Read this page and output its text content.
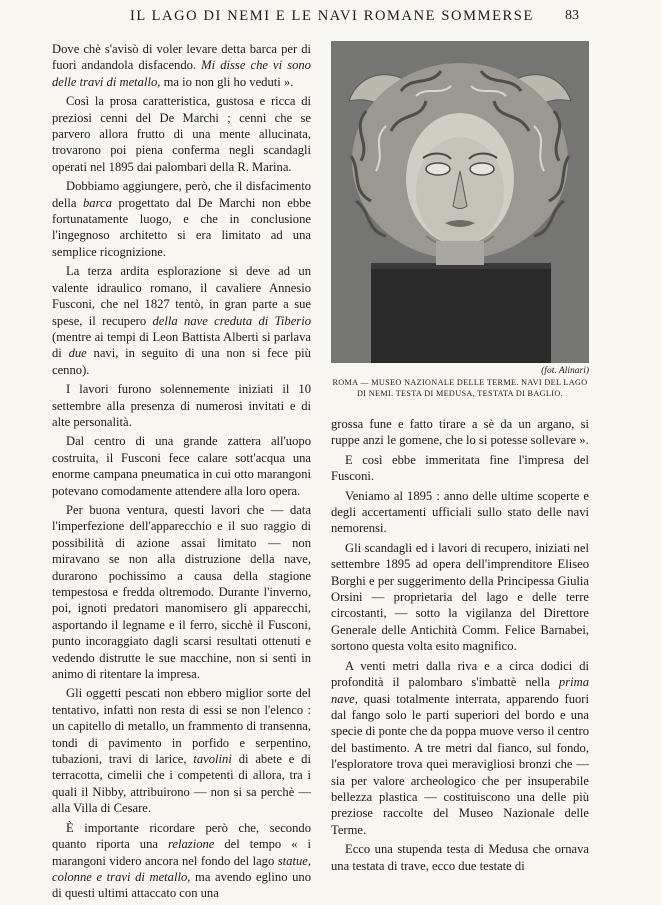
IL LAGO DI NEMI E LE NAVI ROMANE SOMMERSE 83

Dove chè s'avisò di voler levare detta barca per di fuori andandola disfacendo. Mi disse che vi sono delle travi di metallo, ma io non gli ho veduti ».

Così la prosa caratteristica, gustosa e ricca di preziosi cenni del De Marchi ; cenni che se parvero allora frutto di una mente allucinata, trovarono poi piena conferma negli scandagli operati nel 1895 dai palombari della R. Marina.

Dobbiamo aggiungere, però, che il disfacimento della barca progettato dal De Marchi non ebbe fortunatamente luogo, e che in conclusione l'ingegnoso architetto si era limitato ad una semplice ricognizione.

La terza ardita esplorazione si deve ad un valente idraulico romano, il cavaliere Annesio Fusconi, che nel 1827 tentò, in gran parte a sue spese, il recupero della nave creduta di Tiberio (mentre ai tempi di Leon Battista Alberti si parlava di due navi, in seguito di una non si fece più cenno).

I lavori furono solennemente iniziati il 10 settembre alla presenza di numerosi invitati e di alte personalità.

Dal centro di una grande zattera all'uopo costruita, il Fusconi fece calare sott'acqua una enorme campana pneumatica in cui otto marangoni potevano comodamente attendere alla loro opera.

Per buona ventura, questi lavori che — data l'imperfezione dell'apparecchio e il suo raggio di possibilità di azione assai limitato — non miravano se non alla distruzione della nave, durarono pochissimo a causa della stagione tempestosa e fredda oltremodo. Durante l'inverno, poi, ignoti predatori manomisero gli apparecchi, asportando il legname e il ferro, sicchè il Fusconi, punto incoraggiato dagli scarsi resultati ottenuti e vedendo distrutte le sue macchine, non si sentì in animo di ritentare la impresa.

Gli oggetti pescati non ebbero miglior sorte del tentativo, infatti non resta di essi se non l'elenco : un capitello di metallo, un frammento di transenna, tondi di pavimento in porfido e serpentino, tubazioni, travi di larice, tavolini di abete e di terracotta, cimelii che i competenti di allora, tra i quali il Nibby, attribuirono — non si sa perchè — alla Villa di Cesare.

È importante ricordare però che, secondo quanto riporta una relazione del tempo « i marangoni videro ancora nel fondo del lago statue, colonne e travi di metallo, ma avendo eglino uno di questi ultimi attaccato con una

(fot. Alinari)
ROMA — MUSEO NAZIONALE DELLE TERME. NAVI DEL LAGO
DI NEMI. TESTA DI MEDUSA, TESTATA DI BAGLIO.

grossa fune e fatto tirare a sè da un argano, si ruppe anzi le gomene, che lo si potesse sollevare ».

E così ebbe immeritata fine l'impresa del Fusconi.

Veniamo al 1895 : anno delle ultime scoperte e degli accertamenti ufficiali sullo stato delle navi nemorensi.

Gli scandagli ed i lavori di recupero, iniziati nel settembre 1895 ad opera dell'imprenditore Eliseo Borghi e per suggerimento della Principessa Giulia Orsini — proprietaria del lago e delle terre circostanti, — sotto la vigilanza del Direttore Generale delle Antichità Comm. Felice Barnabei, sortono questa volta esito magnifico.

A venti metri dalla riva e a circa dodici di profondità il palombaro s'imbattè nella prima nave, quasi totalmente interrata, apparendo fuori dal fango solo le parti superiori del bordo e una specie di ponte che da poppa muove verso il centro del bastimento. A tre metri dal fianco, sul fondo, l'esploratore trova quei meravigliosi bronzi che — sia per valore archeologico che per insuperabile bellezza plastica — costituiscono una delle più preziose raccolte del Museo Nazionale delle Terme.

Ecco una stupenda testa di Medusa che ornava una testata di trave, ecco due testate di
